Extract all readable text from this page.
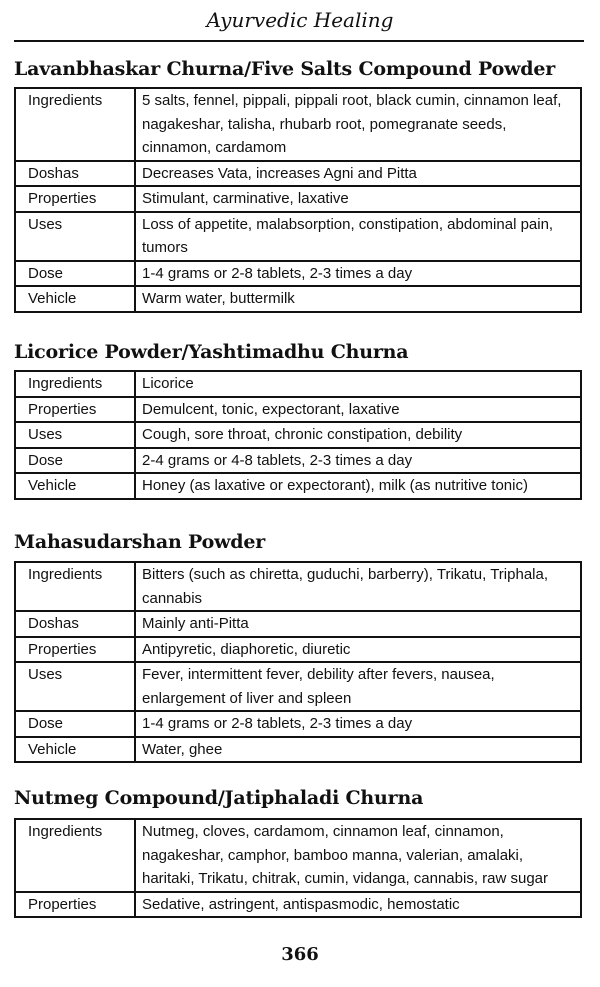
Ayurvedic Healing
Lavanbhaskar Churna/Five Salts Compound Powder
Ingredients	5 salts, fennel, pippali, pippali root, black cumin, cinnamon leaf, nagakeshar, talisha, rhubarb root, pomegranate seeds, cinnamon, cardamom
Doshas	Decreases Vata, increases Agni and Pitta
Properties	Stimulant, carminative, laxative
Uses	Loss of appetite, malabsorption, constipation, abdominal pain, tumors
Dose	1-4 grams or 2-8 tablets, 2-3 times a day
Vehicle	Warm water, buttermilk
Licorice Powder/Yashtimadhu Churna
Ingredients	Licorice
Properties	Demulcent, tonic, expectorant, laxative
Uses	Cough, sore throat, chronic constipation, debility
Dose	2-4 grams or 4-8 tablets, 2-3 times a day
Vehicle	Honey (as laxative or expectorant), milk (as nutritive tonic)
Mahasudarshan Powder
Ingredients	Bitters (such as chiretta, guduchi, barberry), Trikatu, Triphala, cannabis
Doshas	Mainly anti-Pitta
Properties	Antipyretic, diaphoretic, diuretic
Uses	Fever, intermittent fever, debility after fevers, nausea, enlargement of liver and spleen
Dose	1-4 grams or 2-8 tablets, 2-3 times a day
Vehicle	Water, ghee
Nutmeg Compound/Jatiphaladi Churna
Ingredients	Nutmeg, cloves, cardamom, cinnamon leaf, cinnamon, nagakeshar, camphor, bamboo manna, valerian, amalaki, haritaki, Trikatu, chitrak, cumin, vidanga, cannabis, raw sugar
Properties	Sedative, astringent, antispasmodic, hemostatic
366
